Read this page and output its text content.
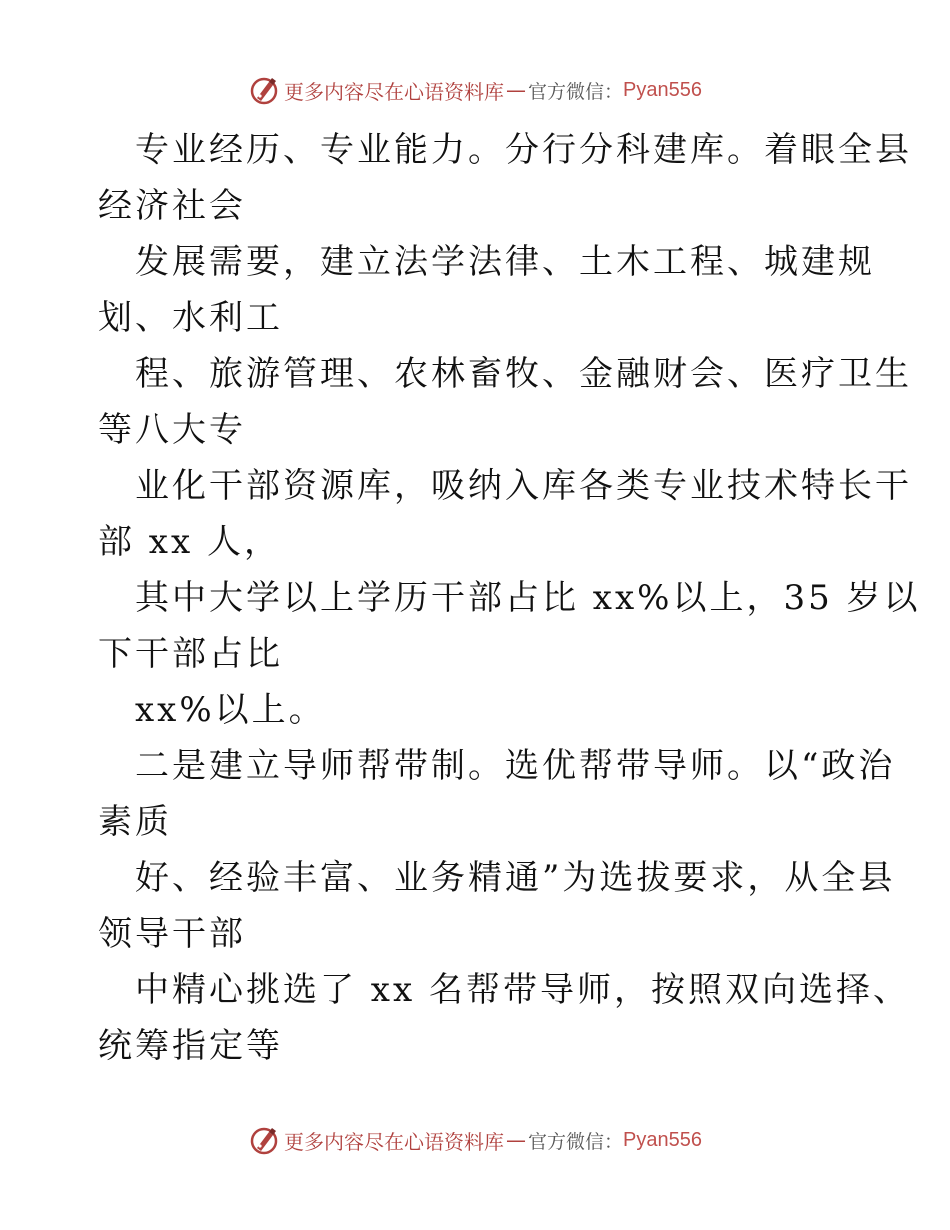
更多内容尽在心语资料库 — 官方微信： Pyan556
专业经历、专业能力。分行分科建库。着眼全县
经济社会
发展需要，建立法学法律、土木工程、城建规
划、水利工
程、旅游管理、农林畜牧、金融财会、医疗卫生
等八大专
业化干部资源库，吸纳入库各类专业技术特长干
部 xx 人，
其中大学以上学历干部占比 xx%以上，35 岁以
下干部占比
xx%以上。
二是建立导师帮带制。选优帮带导师。以“政治
素质
好、经验丰富、业务精通”为选拔要求，从全县
领导干部
中精心挑选了 xx 名帮带导师，按照双向选择、
统筹指定等
更多内容尽在心语资料库 — 官方微信： Pyan556
